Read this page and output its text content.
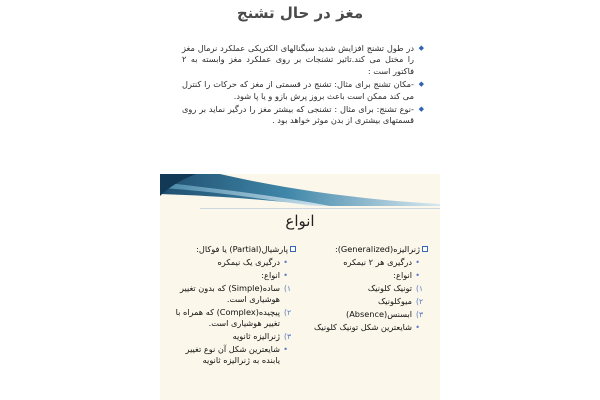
مغز در حال تشنج
◆
در طول تشنج افزایش شدید سیگنالهای الکتریکی عملکرد نرمال مغز را مختل می کند.تاثیر تشنجات بر روی عملکرد مغز وابسته به ۲ فاکتور است :
◆
-مکان تشنج برای مثال: تشنج در قسمتی از مغز که حرکات را کنترل می کند ممکن است باعث بروز پرش بازو و یا پا شود.
◆
-نوع تشنج: برای مثال : تشنجی که بیشتر مغز را درگیر نماید بر روی قسمتهای بیشتری از بدن موثر خواهد بود .
انواع
ژنرالیزه(Generalized):
•
درگیری هر ۲ نیمکره
•
انواع:
۱)
تونیک کلونیک
۲)
میوکلونیک
۳)
ابسنس(Absence)
•
شایعترین شکل تونیک کلونیک
پارشیال(Partial) یا فوکال:
•
درگیری یک نیمکره
•
انواع:
۱)
ساده(Simple) که بدون تغییر هوشیاری است.
۲)
پیچیده(Complex) که همراه با تغییر هوشیاری است.
۳)
ژنرالیزه ثانویه
•
شایعترین شکل آن نوع تغییر یابنده به ژنرالیزه ثانویه
